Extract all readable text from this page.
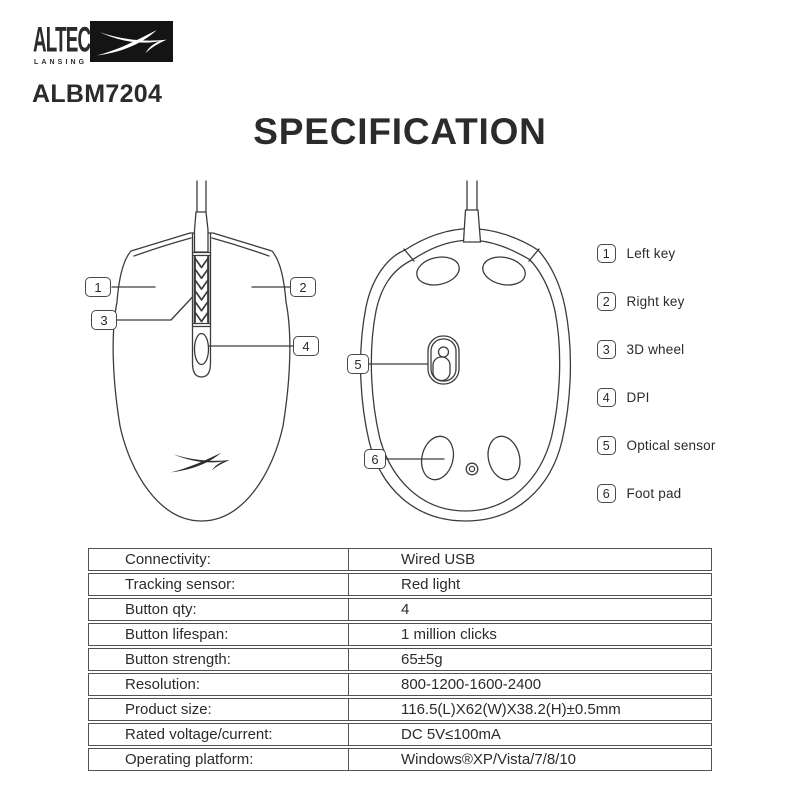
ALTEC
LANSING
ALBM7204
SPECIFICATION
1	2
3
4
5
6
1	Left key
2	Right key
3	3D wheel
4	DPI
5	Optical sensor
6	Foot pad
Connectivity:	Wired USB
Tracking sensor:	Red light
Button qty:	4
Button lifespan:	1 million clicks
Button strength:	65±5g
Resolution:	800-1200-1600-2400
Product size:	116.5(L)X62(W)X38.2(H)±0.5mm
Rated voltage/current:	DC 5V≤100mA
Operating platform:	Windows®XP/Vista/7/8/10
